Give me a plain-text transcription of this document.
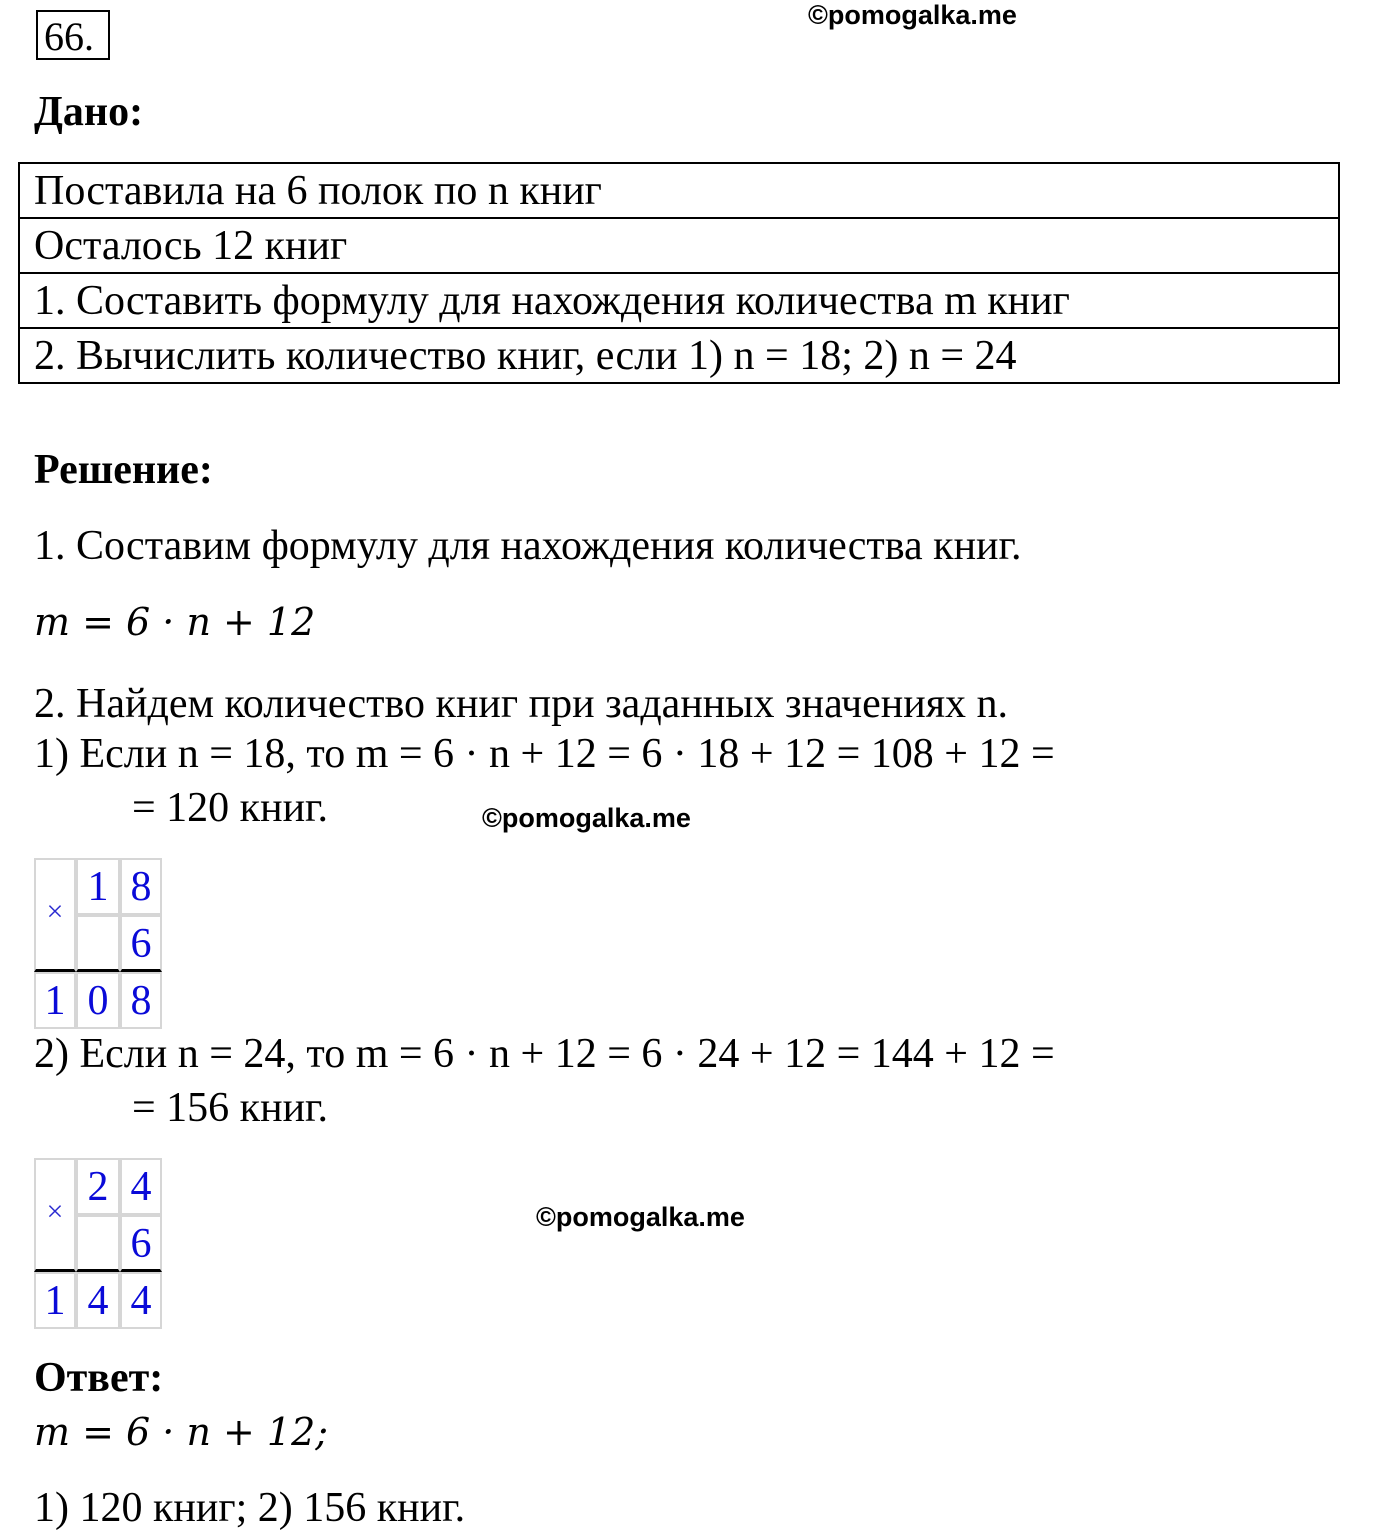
66.	©pomogalka.me
Дано:
Поставила на 6 полок по n книг
Осталось 12 книг
1. Составить формулу для нахождения количества m книг
2. Вычислить количество книг, если 1) n = 18; 2) n = 24
Решение:
1. Составим формулу для нахождения количества книг.
m = 6 · n + 12
2. Найдем количество книг при заданных значениях n.
1) Если n = 18, то m = 6 · n + 12 = 6 · 18 + 12 = 108 + 12 =
= 120 книг.	©pomogalka.me
×
1 8
6
1 0 8
2) Если n = 24, то m = 6 · n + 12 = 6 · 24 + 12 = 144 + 12 =
= 156 книг.
×
2 4
6
1 4 4
©pomogalka.me
Ответ:
m = 6 · n + 12;
1) 120 книг; 2) 156 книг.
